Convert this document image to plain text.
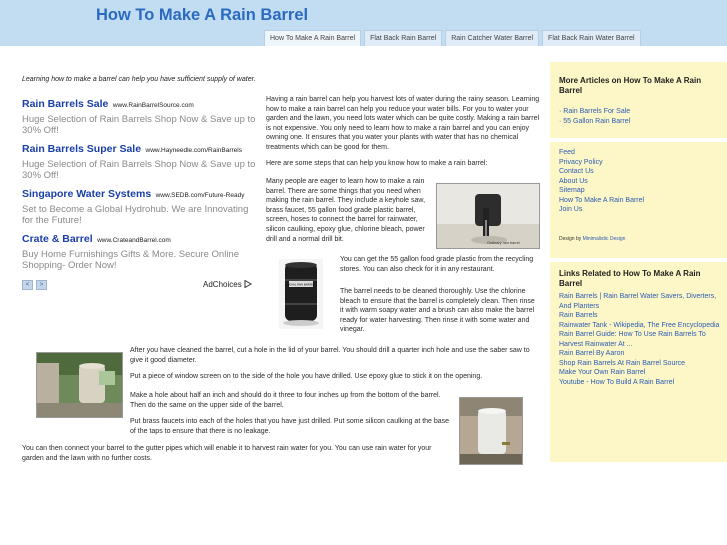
How To Make A Rain Barrel
How To Make A Rain Barrel	Flat Back Rain Barrel	Rain Catcher Water Barrel	Flat Back Rain Water Barrel
Learning how to make a barrel can help you have sufficient supply of water.
Rain Barrels Sale www.RainBarrelSource.com
Huge Selection of Rain Barrels Shop Now & Save up to 30% Off!
Rain Barrels Super Sale www.Hayneedle.com/RainBarrels
Huge Selection of Rain Barrels Shop Now & Save up to 30% Off!
Singapore Water Systems www.SEDB.com/Future-Ready
Set to Become a Global Hydrohub. We are Innovating for the Future!
Crate & Barrel www.CrateandBarrel.com
Buy Home Furnishings Gifts & More. Secure Online Shopping- Order Now!
<	>	AdChoices

Having a rain barrel can help you harvest lots of water during the rainy season. Learning how to make a rain barrel can help you reduce your water bills. For you to water your garden and the lawn, you need lots water which can be quite costly. Making a rain barrel is not expensive. You only need to learn how to make a rain barrel and you can enjoy owning one. It ensures that you water your plants with water that has no chemical treatments which can be good for them.

Here are some steps that can help you know how to make a rain barrel:

Many people are eager to learn how to make a rain barrel. There are some things that you need when making the rain barrel. They include a keyhole saw, brass faucet, 55 gallon food grade plastic barrel, screen, hoses to connect the barrel for rainwater, silicon caulking, epoxy glue, chlorine bleach, power drill and a normal drill bit.

Ordinary rain barrel
ROYAL RAIN BARREL

You can get the 55 gallon food grade plastic from the recycling stores. You can also check for it in any restaurant.

The barrel needs to be cleaned thoroughly. Use the chlorine bleach to ensure that the barrel is completely clean. Then rinse it with warm soapy water and a brush can also make the barrel ready for water harvesting. Then rinse it with some water and vinegar.

After you have cleaned the barrel, cut a hole in the lid of your barrel. You should drill a quarter inch hole and use the saber saw to give it good diameter.

Put a piece of window screen on to the side of the hole you have drilled. Use epoxy glue to stick it on the opening.

Make a hole about half an inch and should do it three to four inches up from the bottom of the barrel. Then do the same on the upper side of the barrel.

Put brass faucets into each of the holes that you have just drilled. Put some silicon caulking at the base of the taps to ensure that there is no leakage.

You can then connect your barrel to the gutter pipes which will enable it to harvest rain water for you. You can use rain water for your garden and the lawn with no further costs.

More Articles on How To Make A Rain Barrel
· Rain Barrels For Sale
· 55 Gallon Rain Barrel
Feed
Privacy Policy
Contact Us
About Us
Sitemap
How To Make A Rain Barrel
Join Us
Design by Minimalistic Design
Links Related to How To Make A Rain Barrel
Rain Barrels | Rain Barrel Water Savers, Diverters, And Planters
Rain Barrels
Rainwater Tank - Wikipedia, The Free Encyclopedia
Rain Barrel Guide: How To Use Rain Barrels To Harvest Rainwater At ...
Rain Barrel By Aaron
Shop Rain Barrels At Rain Barrel Source
Make Your Own Rain Barrel
Youtube - How To Build A Rain Barrel
